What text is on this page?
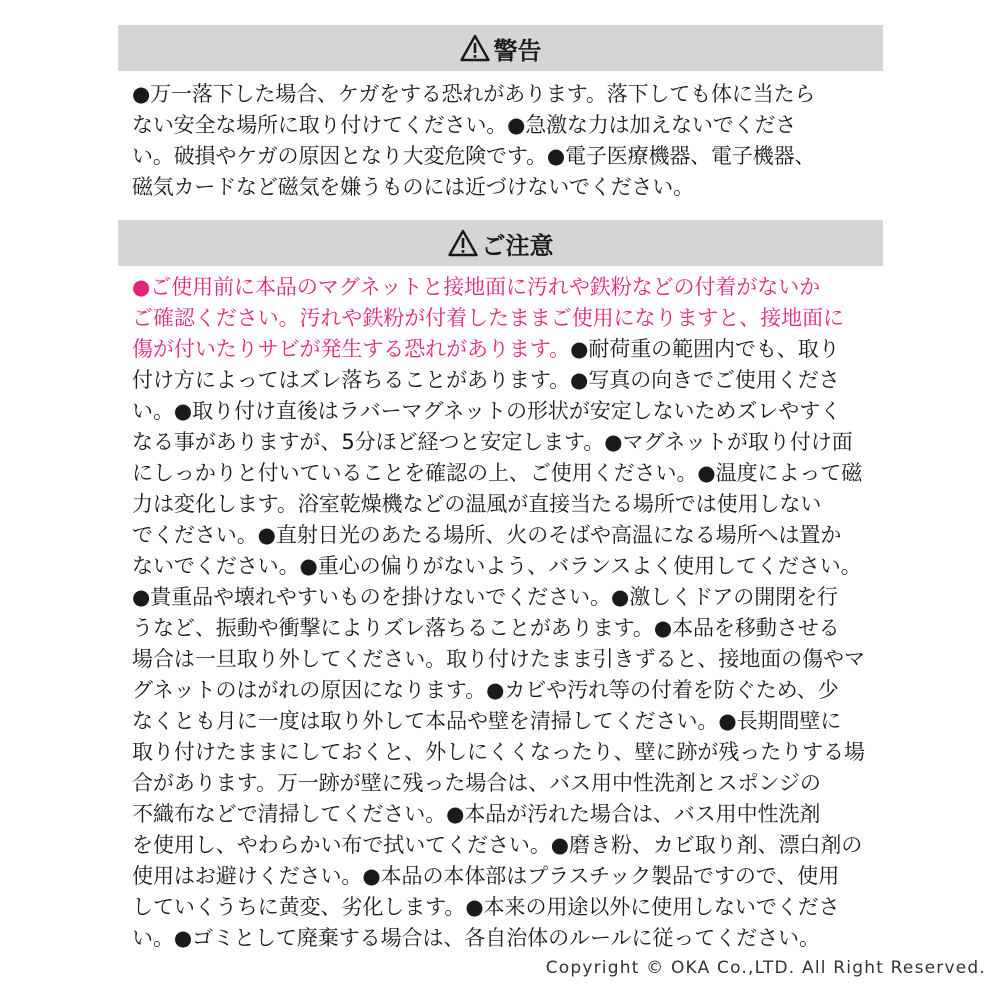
警告
●万一落下した場合、ケガをする恐れがあります。落下しても体に当たら
ない安全な場所に取り付けてください。●急激な力は加えないでくださ
い。破損やケガの原因となり大変危険です。●電子医療機器、電子機器、
磁気カードなど磁気を嫌うものには近づけないでください。
ご注意
●ご使用前に本品のマグネットと接地面に汚れや鉄粉などの付着がないか
ご確認ください。汚れや鉄粉が付着したままご使用になりますと、接地面に
傷が付いたりサビが発生する恐れがあります。●耐荷重の範囲内でも、取り
付け方によってはズレ落ちることがあります。●写真の向きでご使用くださ
い。●取り付け直後はラバーマグネットの形状が安定しないためズレやすく
なる事がありますが、5分ほど経つと安定します。●マグネットが取り付け面
にしっかりと付いていることを確認の上、ご使用ください。●温度によって磁
力は変化します。浴室乾燥機などの温風が直接当たる場所では使用しない
でください。●直射日光のあたる場所、火のそばや高温になる場所へは置か
ないでください。●重心の偏りがないよう、バランスよく使用してください。
●貴重品や壊れやすいものを掛けないでください。●激しくドアの開閉を行
うなど、振動や衝撃によりズレ落ちることがあります。●本品を移動させる
場合は一旦取り外してください。取り付けたまま引きずると、接地面の傷やマ
グネットのはがれの原因になります。●カビや汚れ等の付着を防ぐため、少
なくとも月に一度は取り外して本品や壁を清掃してください。●長期間壁に
取り付けたままにしておくと、外しにくくなったり、壁に跡が残ったりする場
合があります。万一跡が壁に残った場合は、バス用中性洗剤とスポンジの
不織布などで清掃してください。●本品が汚れた場合は、バス用中性洗剤
を使用し、やわらかい布で拭いてください。●磨き粉、カビ取り剤、漂白剤の
使用はお避けください。●本品の本体部はプラスチック製品ですので、使用
していくうちに黄変、劣化します。●本来の用途以外に使用しないでくださ
い。●ゴミとして廃棄する場合は、各自治体のルールに従ってください。
Copyright © OKA Co.,LTD. All Right Reserved.
